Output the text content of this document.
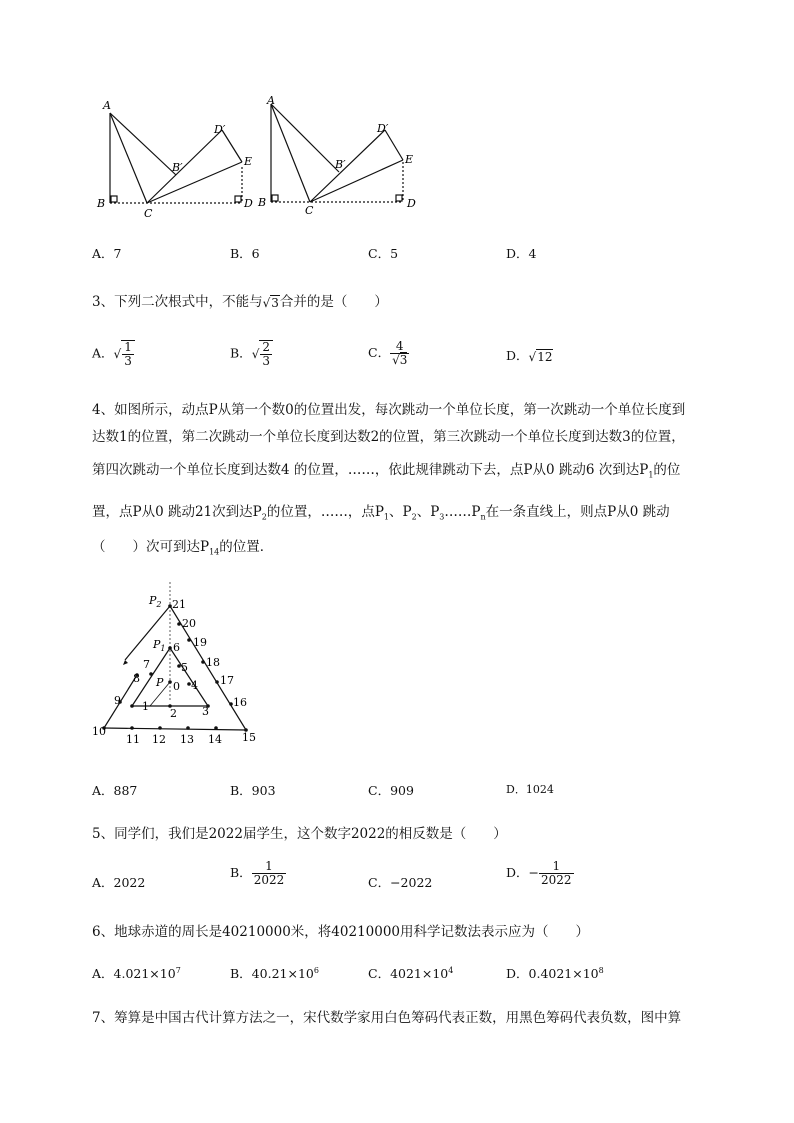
A
B
C
D
D′
B′	E
A
B
C
D
D′
B′	E
A．7	B．6	C．5	D．4
3、下列二次根式中，不能与√3合并的是（　　）
A．√ $\frac{1}{3}$	B．√ $\frac{2}{3}$	C． $\frac{4}{√3}$	D．√12
4、如图所示，动点P从第一个数0的位置出发，每次跳动一个单位长度，第一次跳动一个单位长度到
达数1的位置，第二次跳动一个单位长度到达数2的位置，第三次跳动一个单位长度到达数3的位置，
第四次跳动一个单位长度到达数4 的位置，……，依此规律跳动下去，点P从0 跳动6 次到达$P_1$的位
置，点P从0 跳动21次到达$P_2$的位置，……，点$P_1$、$P_2$、$P_3\dots\dots P_n$在一条直线上，则点P从0 跳动
（　　）次可到达$P_{14}$的位置．
$P_2$ 21
20
19
18
17
16
15
14
13
12
11
10
9
8
7
$P_1$ 6
5
4
P 0
1
2 3
A．887	B．903	C．909	D．1024
5、同学们，我们是2022届学生，这个数字2022的相反数是（　　）
A．2022
B． $\frac{1}{2022}$	C．−2022
D．− $\frac{1}{2022}$
6、地球赤道的周长是40210000米，将40210000用科学记数法表示应为（　　）
A．$4.021\times 10^7$	B．$40.21\times 10^6$	C．$4021\times 10^4$	D．$0.4021\times 10^8$
7、筹算是中国古代计算方法之一，宋代数学家用白色筹码代表正数，用黑色筹码代表负数，图中算
